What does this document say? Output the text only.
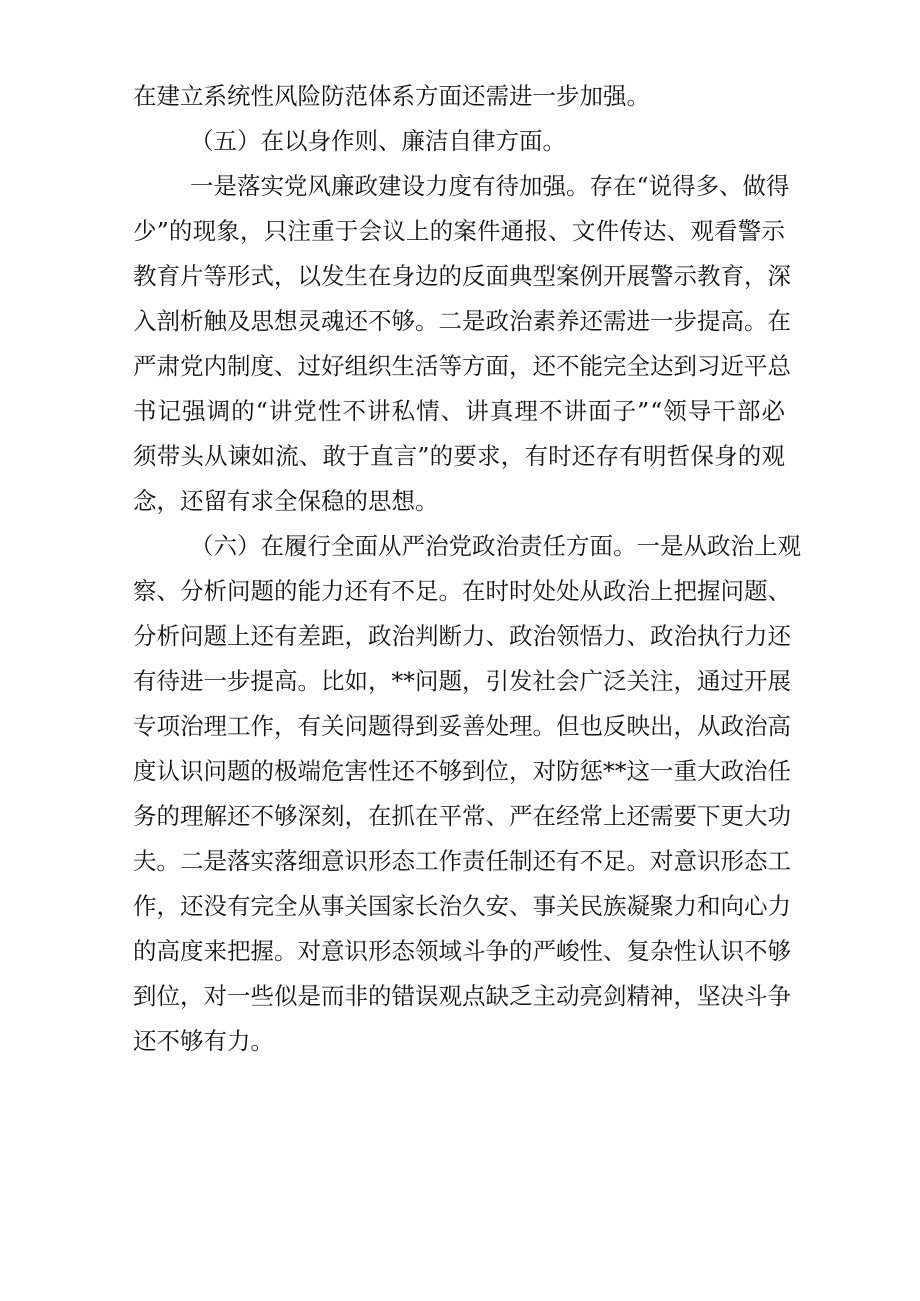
在建立系统性风险防范体系方面还需进一步加强。
（五）在以身作则、廉洁自律方面。
一是落实党风廉政建设力度有待加强。存在“说得多、做得
少”的现象，只注重于会议上的案件通报、文件传达、观看警示
教育片等形式，以发生在身边的反面典型案例开展警示教育，深
入剖析触及思想灵魂还不够。二是政治素养还需进一步提高。在
严肃党内制度、过好组织生活等方面，还不能完全达到习近平总
书记强调的“讲党性不讲私情、讲真理不讲面子”“领导干部必
须带头从谏如流、敢于直言”的要求，有时还存有明哲保身的观
念，还留有求全保稳的思想。
（六）在履行全面从严治党政治责任方面。一是从政治上观
察、分析问题的能力还有不足。在时时处处从政治上把握问题、
分析问题上还有差距，政治判断力、政治领悟力、政治执行力还
有待进一步提高。比如，**问题，引发社会广泛关注，通过开展
专项治理工作，有关问题得到妥善处理。但也反映出，从政治高
度认识问题的极端危害性还不够到位，对防惩**这一重大政治任
务的理解还不够深刻，在抓在平常、严在经常上还需要下更大功
夫。二是落实落细意识形态工作责任制还有不足。对意识形态工
作，还没有完全从事关国家长治久安、事关民族凝聚力和向心力
的高度来把握。对意识形态领域斗争的严峻性、复杂性认识不够
到位，对一些似是而非的错误观点缺乏主动亮剑精神，坚决斗争
还不够有力。
